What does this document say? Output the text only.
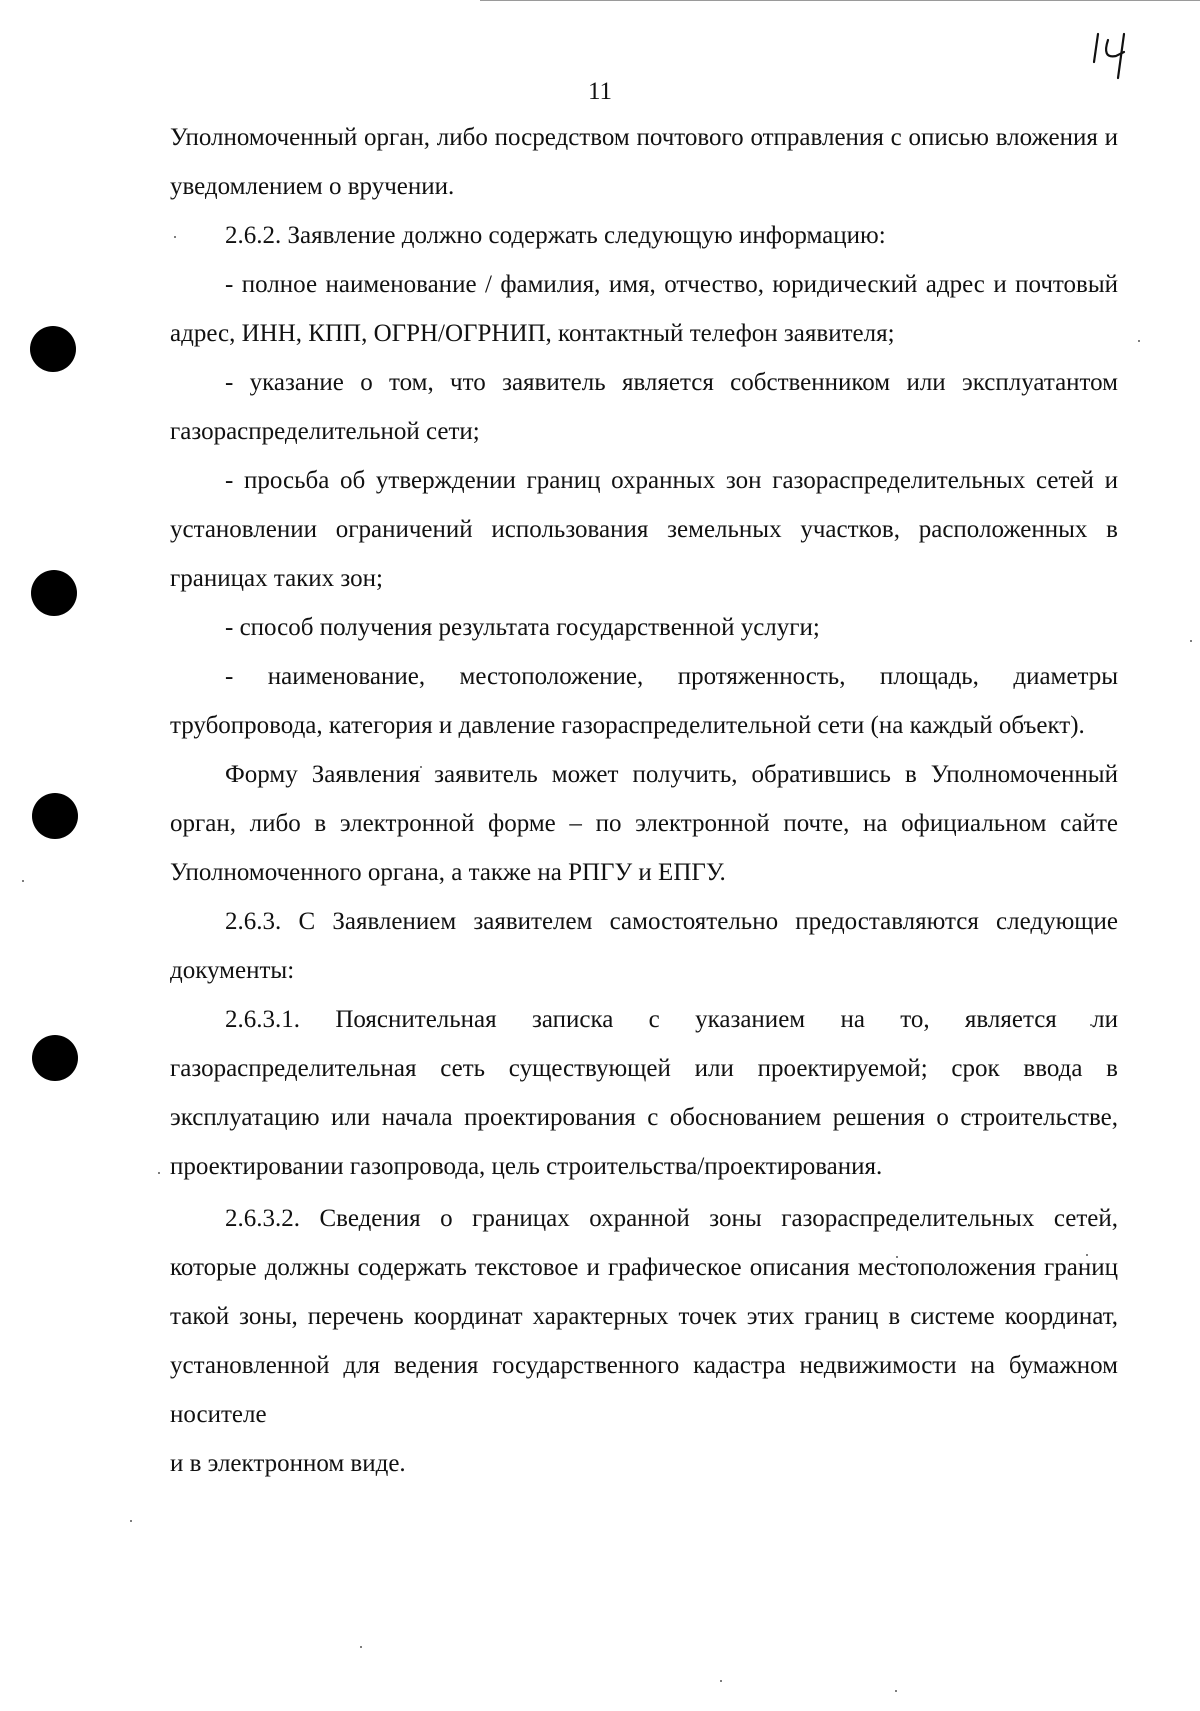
11

Уполномоченный орган, либо посредством почтового отправления с описью вложения и уведомлением о вручении.

2.6.2. Заявление должно содержать следующую информацию:

- полное наименование / фамилия, имя, отчество, юридический адрес и почтовый адрес, ИНН, КПП, ОГРН/ОГРНИП, контактный телефон заявителя;

- указание о том, что заявитель является собственником или эксплуатантом газораспределительной сети;

- просьба об утверждении границ охранных зон газораспределительных сетей и установлении ограничений использования земельных участков, расположенных в границах таких зон;

- способ получения результата государственной услуги;

- наименование, местоположение, протяженность, площадь, диаметры трубопровода, категория и давление газораспределительной сети (на каждый объект).

Форму Заявления заявитель может получить, обратившись в Уполномоченный орган, либо в электронной форме – по электронной почте, на официальном сайте Уполномоченного органа, а также на РПГУ и ЕПГУ.

2.6.3. С Заявлением заявителем самостоятельно предоставляются следующие документы:

2.6.3.1. Пояснительная записка с указанием на то, является ли газораспределительная сеть существующей или проектируемой; срок ввода в эксплуатацию или начала проектирования с обоснованием решения о строительстве, проектировании газопровода, цель строительства/проектирования.

2.6.3.2. Сведения о границах охранной зоны газораспределительных сетей, которые должны содержать текстовое и графическое описания местоположения границ такой зоны, перечень координат характерных точек этих границ в системе координат, установленной для ведения государственного кадастра недвижимости на бумажном носителе

и в электронном виде.
